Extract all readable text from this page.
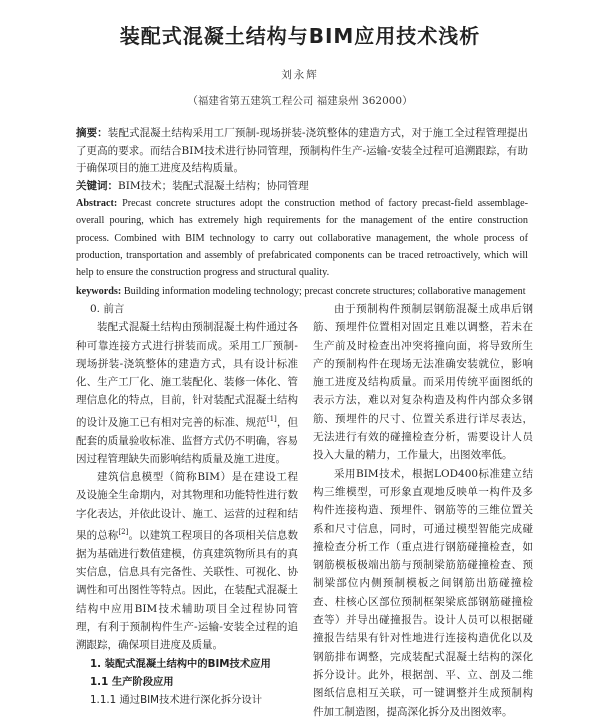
装配式混凝土结构与BIM应用技术浅析
刘永辉
（福建省第五建筑工程公司 福建泉州 362000）
摘要：装配式混凝土结构采用工厂预制-现场拼装-浇筑整体的建造方式，对于施工全过程管理提出了更高的要求。而结合BIM技术进行协同管理，预制构件生产-运输-安装全过程可追溯跟踪，有助于确保项目的施工进度及结构质量。
关键词：BIM技术；装配式混凝土结构；协同管理
Abstract: Precast concrete structures adopt the construction method of factory precast-field assemblage-overall pouring, which has extremely high requirements for the management of the entire construction process. Combined with BIM technology to carry out collaborative management, the whole process of production, transportation and assembly of prefabricated components can be traced retroactively, which will help to ensure the construction progress and structural quality.
keywords: Building information modeling technology; precast concrete structures; collaborative management
0. 前言

装配式混凝土结构由预制混凝土构件通过各种可靠连接方式进行拼装而成。采用工厂预制-现场拼装-浇筑整体的建造方式，具有设计标准化、生产工厂化、施工装配化、装修一体化、管理信息化的特点，目前，针对装配式混凝土结构的设计及施工已有相对完善的标准、规范[1]，但配套的质量验收标准、监督方式仍不明确，容易因过程管理缺失而影响结构质量及施工进度。

建筑信息模型（简称BIM）是在建设工程及设施全生命期内，对其物理和功能特性进行数字化表达，并依此设计、施工、运营的过程和结果的总称[2]。以建筑工程项目的各项相关信息数据为基础进行数值建模，仿真建筑物所具有的真实信息，信息具有完备性、关联性、可视化、协调性和可出图性等特点。因此，在装配式混凝土结构中应用BIM技术辅助项目全过程协同管理，有利于预制构件生产-运输-安装全过程的追溯跟踪，确保项目进度及质量。

1. 装配式混凝土结构中的BIM技术应用
1.1 生产阶段应用
1.1.1 通过BIM技术进行深化拆分设计

由于预制构件预制层钢筋混凝土成串后钢筋、预埋件位置相对固定且难以调整，若未在生产前及时检查出冲突将撞向面，将导致所生产的预制构件在现场无法准确安装就位，影响施工进度及结构质量。而采用传统平面图纸的表示方法，难以对复杂构造及构件内部众多钢筋、预埋件的尺寸、位置关系进行详尽表达，无法进行有效的碰撞检查分析，需要设计人员投入大量的精力，工作量大，出图效率低。

采用BIM技术，根据LOD400标准建立结构三维模型，可形象直观地反映单一构件及多构件连接构造、预埋件、钢筋等的三维位置关系和尺寸信息，同时，可通过模型智能完成碰撞检查分析工作（重点进行钢筋碰撞检查，如钢筋模板极端出筋与预制梁筋筋碰撞检查、预制梁部位内侧预制模板之间钢筋出筋碰撞检查、柱核心区部位预制框架梁底部钢筋碰撞检查等）并导出碰撞报告。设计人员可以根据碰撞报告结果有针对性地进行连接构造优化以及钢筋排布调整，完成装配式混凝土结构的深化拆分设计。此外，根据剖、平、立、剖及二维图纸信息相互关联，可一键调整并生成预制构件加工制造图，提高深化拆分及出图效率。
